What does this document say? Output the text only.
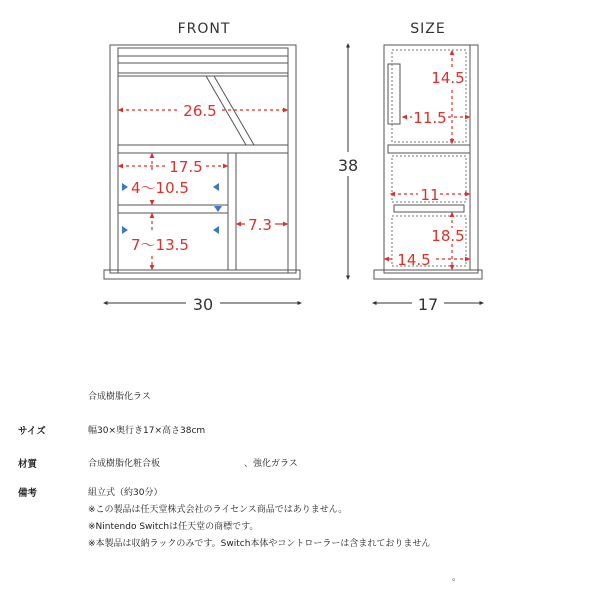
FRONT
26.5
17.5
4〜10.5
7〜13.5
7.3
38
30
SIZE
14.5
11.5
11
18.5
14.5
17
合成樹脂化ラス
サイズ	幅30×奥行き17×高さ38cm
材質	合成樹脂化粧合板	、強化ガラス
備考	組立式（約30分）
※この製品は任天堂株式会社のライセンス商品ではありません。
※Nintendo Switchは任天堂の商標です。
※本製品は収納ラックのみです。Switch本体やコントローラーは含まれておりません
。
